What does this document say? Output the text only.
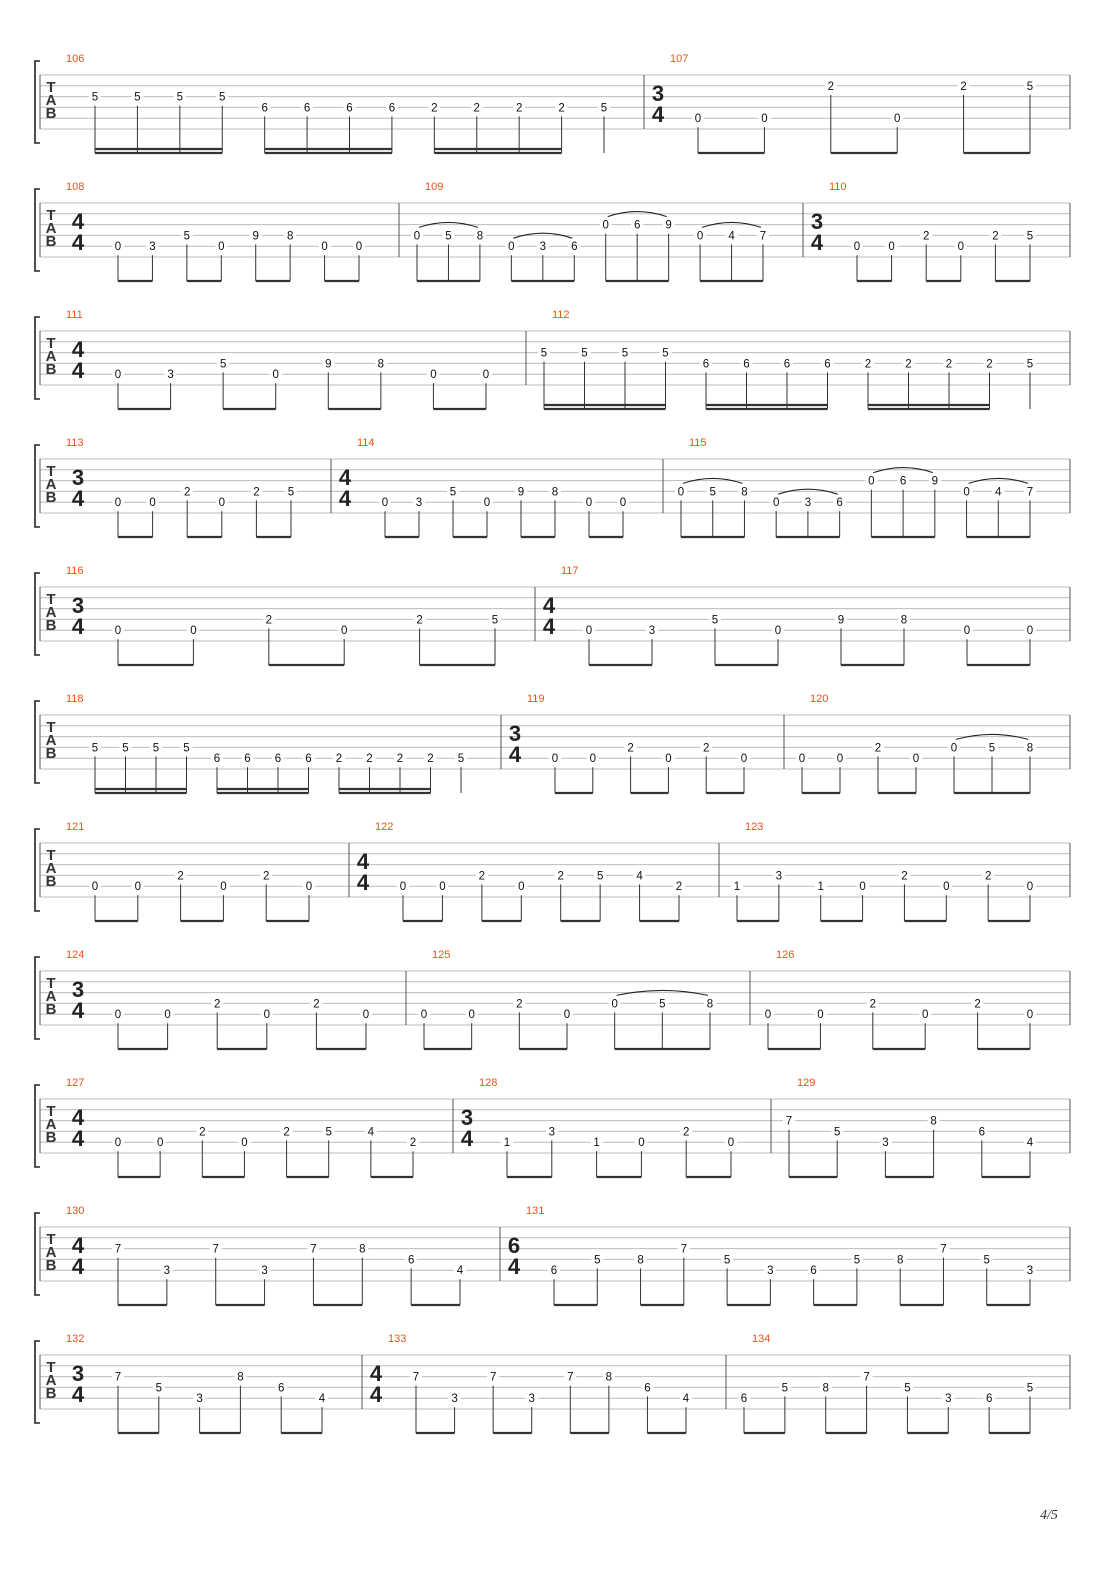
T
A
B
106
5	5	5	5
6	6	6	6	2	2	2	2	5
107
3
4	0	0
2
0
2	5
T
A
B
108
4
4	0 3
5
0
9 8
0 0
109
0 5 8
0 3 6
0 6 9
0 4 7
110
3
4	0 0
2
0
2 5
T
A
B
111
4
4	0	3
5
0
9	8
0	0
112
5	5	5	5
6	6	6	6	2	2	2	2	5
T
A
B
113
3
4	0 0
2
0
2 5
114
4
4	0 3
5
0
9 8
0 0
115
0 5 8
0 3 6
0 6 9
0 4 7
T
A
B
116
3
4	0	0
2
0
2	5
117
4
4	0	3
5
0
9	8
0	0
T
A
B
118
5 5 5 5
6 6 6 6 2 2 2 2 5
119
3
4	0	0
2
0
2
0
120
0	0
2
0
0	5	8
T
A
B
121
0	0
2
0
2
0
122
4
4	0	0
2
0
2	5	4
2
123
1
3
1	0
2
0
2
0
T
A
B
124
3
4	0	0
2
0
2
0
125
0	0
2
0
0	5	8
126
0	0
2
0
2
0
T
A
B
127
4
4	0	0
2
0
2	5	4
2
128
3
4	1
3
1	0
2
0
129
7
5
3
8
6
4
T
A
B
130
4
4
7
3
7
3
7	8
6
4
131
6
4	6
5	8
7
5
3	6
5	8
7
5
3
T
A
B
132
3
4
7
5
3
8
6
4
133
4
4
7
3
7
3
7	8
6
4
134
6
5	8
7
5
3	6
5
4/5
